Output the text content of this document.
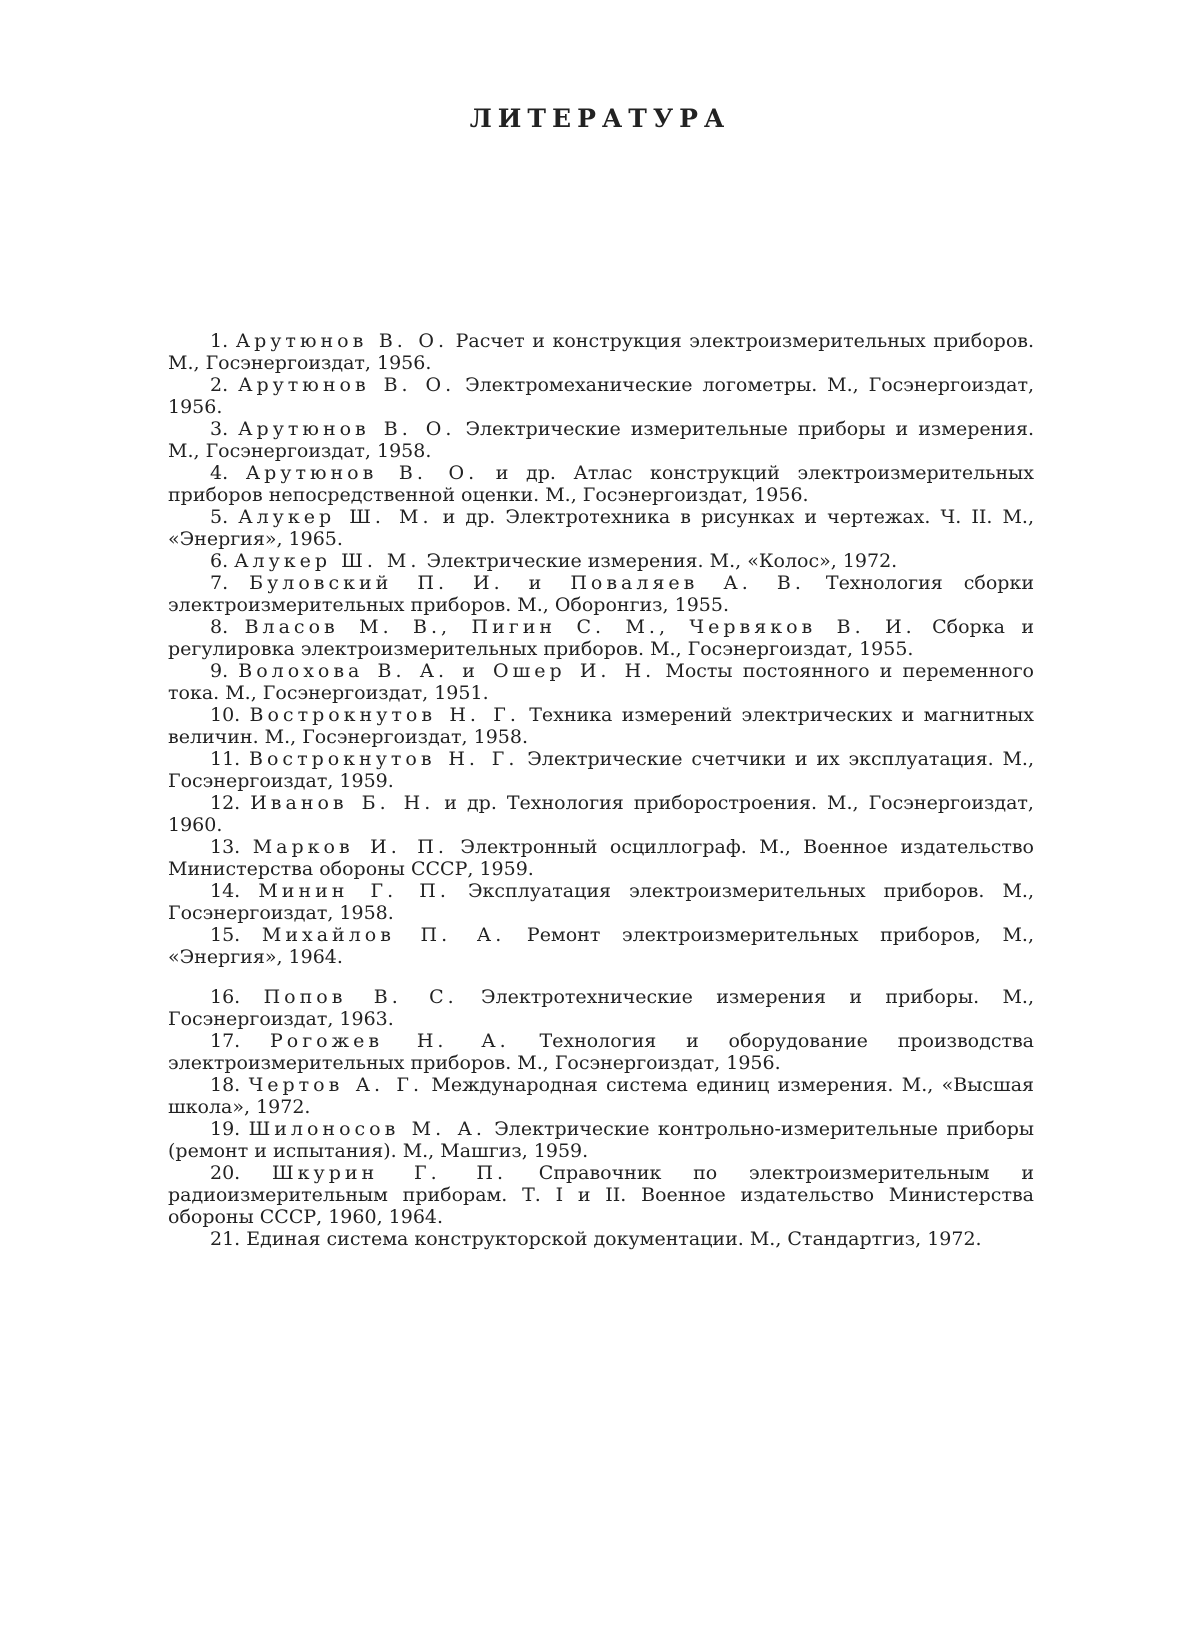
ЛИТЕРАТУРА

1. Арутюнов В. О. Расчет и конструкция электроизмерительных приборов. М., Госэнергоиздат, 1956.

2. Арутюнов В. О. Электромеханические логометры. М., Госэнергоиздат, 1956.

3. Арутюнов В. О. Электрические измерительные приборы и измерения. М., Госэнергоиздат, 1958.

4. Арутюнов В. О. и др. Атлас конструкций электроизмерительных приборов непосредственной оценки. М., Госэнергоиздат, 1956.

5. Алукер Ш. М. и др. Электротехника в рисунках и чертежах. Ч. II. М., «Энергия», 1965.

6. Алукер Ш. М. Электрические измерения. М., «Колос», 1972.

7. Буловский П. И. и Поваляев А. В. Технология сборки электроизмерительных приборов. М., Оборонгиз, 1955.

8. Власов М. В., Пигин С. М., Червяков В. И. Сборка и регулировка электроизмерительных приборов. М., Госэнергоиздат, 1955.

9. Волохова В. А. и Ошер И. Н. Мосты постоянного и переменного тока. М., Госэнергоиздат, 1951.

10. Вострокнутов Н. Г. Техника измерений электрических и магнитных величин. М., Госэнергоиздат, 1958.

11. Вострокнутов Н. Г. Электрические счетчики и их эксплуатация. М., Госэнергоиздат, 1959.

12. Иванов Б. Н. и др. Технология приборостроения. М., Госэнергоиздат, 1960.

13. Марков И. П. Электронный осциллограф. М., Военное издательство Министерства обороны СССР, 1959.

14. Минин Г. П. Эксплуатация электроизмерительных приборов. М., Госэнергоиздат, 1958.

15. Михайлов П. А. Ремонт электроизмерительных приборов, М., «Энергия», 1964.

16. Попов В. С. Электротехнические измерения и приборы. М., Госэнергоиздат, 1963.

17. Рогожев Н. А. Технология и оборудование производства электроизмерительных приборов. М., Госэнергоиздат, 1956.

18. Чертов А. Г. Международная система единиц измерения. М., «Высшая школа», 1972.

19. Шилоносов М. А. Электрические контрольно-измерительные приборы (ремонт и испытания). М., Машгиз, 1959.

20. Шкурин Г. П. Справочник по электроизмерительным и радиоизмерительным приборам. Т. I и II. Военное издательство Министерства обороны СССР, 1960, 1964.

21. Единая система конструкторской документации. М., Стандартгиз, 1972.
